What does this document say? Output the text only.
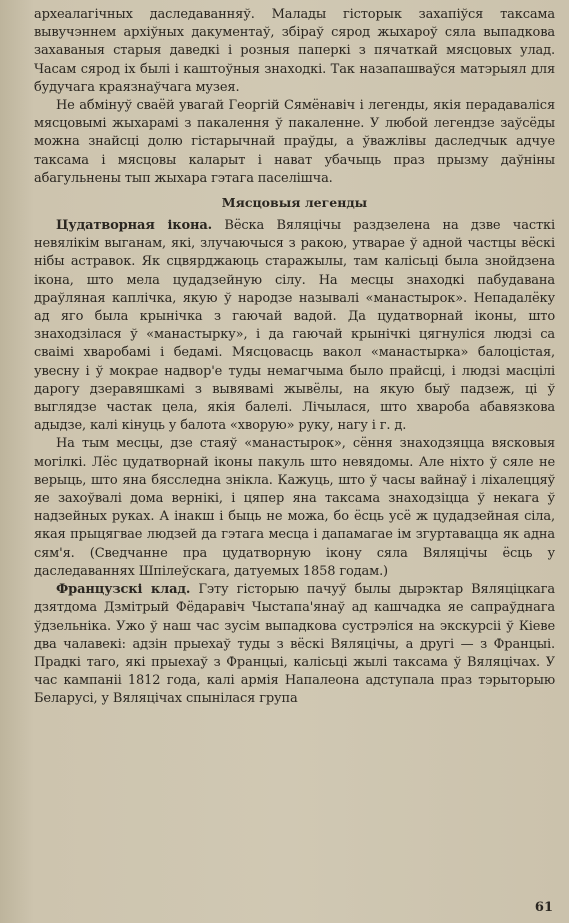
археалагічных даследаванняў. Малады гісторык захапіўся таксама вывучэннем архіўных дакументаў, збіраў сярод жыхароў сяла выпадкова захаваныя старыя даведкі і розныя паперкі з пячаткай мясцовых улад. Часам сярод іх былі і каштоўныя знаходкі. Так назапашваўся матэрыял для будучага краязнаўчага музея.

Не абмінуў сваёй увагай Георгій Сямёнавіч і легенды, якія перадаваліся мясцовымі жыхарамі з пакалення ў пакаленне. У любой легендзе заўсёды можна знайсці долю гістарычнай праўды, а ўважлівы даследчык адчуе таксама і мясцовы каларыт і нават убачыць праз прызму даўніны абагульнены тып жыхара гэтага паселішча.

Мясцовыя легенды

Цудатворная ікона. Вёска Вяляцічы раздзелена на дзве часткі невялікім выганам, які, злучаючыся з ракою, утварае ў адной частцы вёскі нібы астравок. Як сцвярджаюць старажылы, там калісьці была знойдзена ікона, што мела цудадзейную сілу. На месцы знаходкі пабудавана драўляная каплічка, якую ў народзе называлі «манастырок». Непадалёку ад яго была крынічка з гаючай вадой. Да цудатворнай іконы, што знаходзілася ў «манастырку», і да гаючай крынічкі цягнуліся людзі са сваімі хваробамі і бедамі. Мясцовасць вакол «манастырка» балоцістая, увесну і ў мокрае надвор'е туды немагчыма было прайсці, і людзі масцілі дарогу дзеравяшкамі з вывявамі жывёлы, на якую быў падзеж, ці ў выглядзе частак цела, якія балелі. Лічылася, што хвароба абавязкова адыдзе, калі кінуць у балота «хворую» руку, нагу і г. д.

На тым месцы, дзе стаяў «манастырок», сёння знаходзяцца вясковыя могілкі. Лёс цудатворнай іконы пакуль што невядомы. Але ніхто ў сяле не верыць, што яна бясследна знікла. Кажуць, што ў часы вайнаў і ліхалеццяў яе захоўвалі дома вернікі, і цяпер яна таксама знаходзіцца ў некага ў надзейных руках. А інакш і быць не можа, бо ёсць усё ж цудадзейная сіла, якая прыцягвае людзей да гэтага месца і дапамагае ім згуртавацца як адна сям'я. (Сведчанне пра цудатворную ікону сяла Вяляцічы ёсць у даследаваннях Шпілеўскага, датуемых 1858 годам.)

Французскі клад. Гэту гісторыю пачуў былы дырэктар Вяляціцкага дзятдома Дзмітрый Фёдаравіч Чыстапа'янаў ад кашчадка яе сапраўднага ўдзельніка. Ужо ў наш час зусім выпадкова сустрэліся на экскурсіі ў Кіеве два чалавекі: адзін прыехаў туды з вёскі Вяляцічы, а другі — з Францыі. Прадкі таго, які прыехаў з Францыі, калісьці жылі таксама ў Вяляцічах. У час кампаніі 1812 года, калі армія Напалеона адступала праз тэрыторыю Беларусі, у Вяляцічах спынілася група

61
